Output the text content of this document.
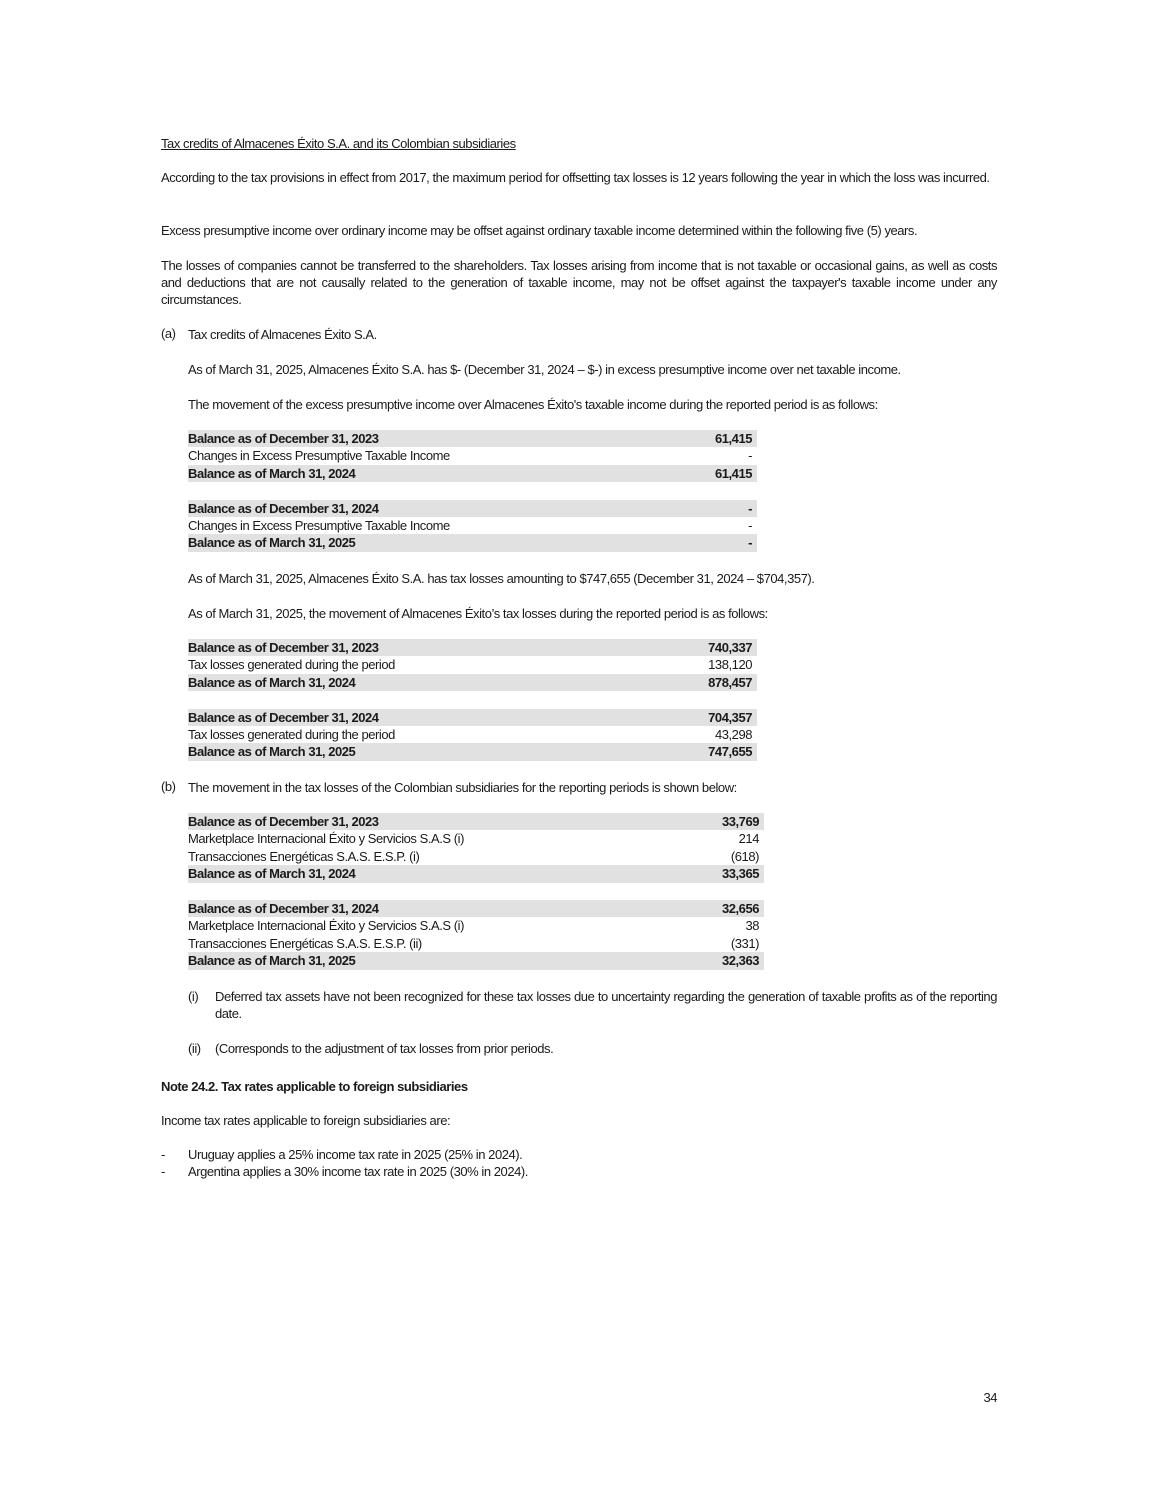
Tax credits of Almacenes Éxito S.A. and its Colombian subsidiaries
According to the tax provisions in effect from 2017, the maximum period for offsetting tax losses is 12 years following the year in which the loss was incurred.
Excess presumptive income over ordinary income may be offset against ordinary taxable income determined within the following five (5) years.
The losses of companies cannot be transferred to the shareholders. Tax losses arising from income that is not taxable or occasional gains, as well as costs and deductions that are not causally related to the generation of taxable income, may not be offset against the taxpayer's taxable income under any circumstances.
(a) Tax credits of Almacenes Éxito S.A.
As of March 31, 2025, Almacenes Éxito S.A. has $- (December 31, 2024 – $-) in excess presumptive income over net taxable income.
The movement of the excess presumptive income over Almacenes Éxito's taxable income during the reported period is as follows:
Balance as of December 31, 2023	61,415
Changes in Excess Presumptive Taxable Income	-
Balance as of March 31, 2024	61,415
Balance as of December 31, 2024	-
Changes in Excess Presumptive Taxable Income	-
Balance as of March 31, 2025	-
As of March 31, 2025, Almacenes Éxito S.A. has tax losses amounting to $747,655 (December 31, 2024 – $704,357).
As of March 31, 2025, the movement of Almacenes Éxito’s tax losses during the reported period is as follows:
Balance as of December 31, 2023	740,337
Tax losses generated during the period	138,120
Balance as of March 31, 2024	878,457
Balance as of December 31, 2024	704,357
Tax losses generated during the period	43,298
Balance as of March 31, 2025	747,655
(b) The movement in the tax losses of the Colombian subsidiaries for the reporting periods is shown below:
Balance as of December 31, 2023	33,769
Marketplace Internacional Éxito y Servicios S.A.S (i)	214
Transacciones Energéticas S.A.S. E.S.P. (i)	(618)
Balance as of March 31, 2024	33,365
Balance as of December 31, 2024	32,656
Marketplace Internacional Éxito y Servicios S.A.S (i)	38
Transacciones Energéticas S.A.S. E.S.P. (ii)	(331)
Balance as of March 31, 2025	32,363
(i) Deferred tax assets have not been recognized for these tax losses due to uncertainty regarding the generation of taxable profits as of the reporting date.
(ii) (Corresponds to the adjustment of tax losses from prior periods.
Note 24.2. Tax rates applicable to foreign subsidiaries
Income tax rates applicable to foreign subsidiaries are:
- Uruguay applies a 25% income tax rate in 2025 (25% in 2024).
- Argentina applies a 30% income tax rate in 2025 (30% in 2024).
34
